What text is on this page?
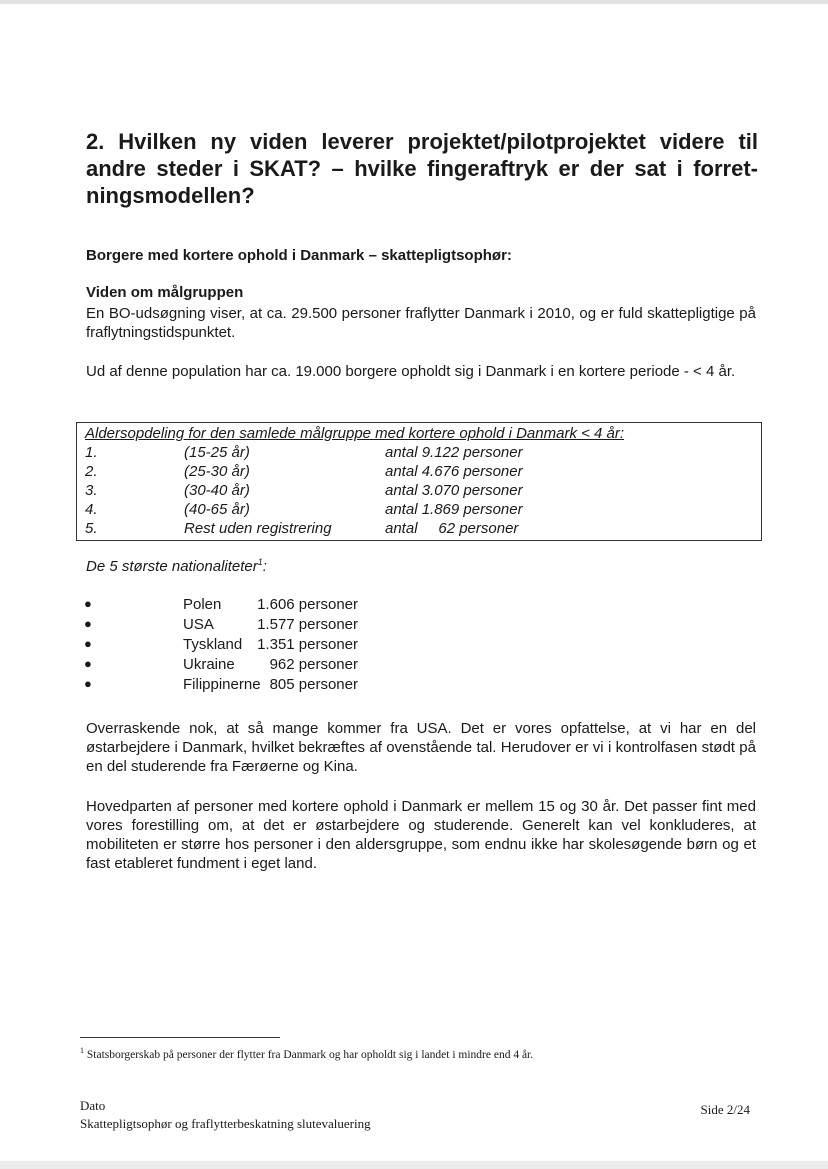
2. Hvilken ny viden leverer projektet/pilotprojektet videre til andre steder i SKAT? – hvilke fingeraftryk er der sat i forret-ningsmodellen?
Borgere med kortere ophold i Danmark – skattepligtsophør:
Viden om målgruppen

En BO-udsøgning viser, at ca. 29.500 personer fraflytter Danmark i 2010, og er fuld skattepligtige på fraflytningstidspunktet.

Ud af denne population har ca. 19.000 borgere opholdt sig i Danmark i en kortere periode - < 4 år.

Aldersopdeling for den samlede målgruppe med kortere ophold i Danmark < 4 år:
1.	(15-25 år)	antal 9.122 personer
2.	(25-30 år)	antal 4.676 personer
3.	(30-40 år)	antal 3.070 personer
4.	(40-65 år)	antal 1.869 personer
5.	Rest uden registrering	antal     62 personer

De 5 største nationaliteter$^1$:

●	Polen 1.606 personer
●	USA	1.577 personer
●	Tyskland 1.351 personer
●	Ukraine 962 personer
●	Filippinerne 805 personer

Overraskende nok, at så mange kommer fra USA. Det er vores opfattelse, at vi har en del østarbejdere i Danmark, hvilket bekræftes af ovenstående tal. Herudover er vi i kontrolfasen stødt på en del studerende fra Færøerne og Kina.

Hovedparten af personer med kortere ophold i Danmark er mellem 15 og 30 år. Det passer fint med vores forestilling om, at det er østarbejdere og studerende. Generelt kan vel konkluderes, at mobiliteten er større hos personer i den aldersgruppe, som endnu ikke har skolesøgende børn og et fast etableret fundment i eget land.

$^1$ Statsborgerskab på personer der flytter fra Danmark og har opholdt sig i landet i mindre end 4 år.

Dato
Skattepligtsophør og fraflytterbeskatning slutevaluering
Side 2/24
